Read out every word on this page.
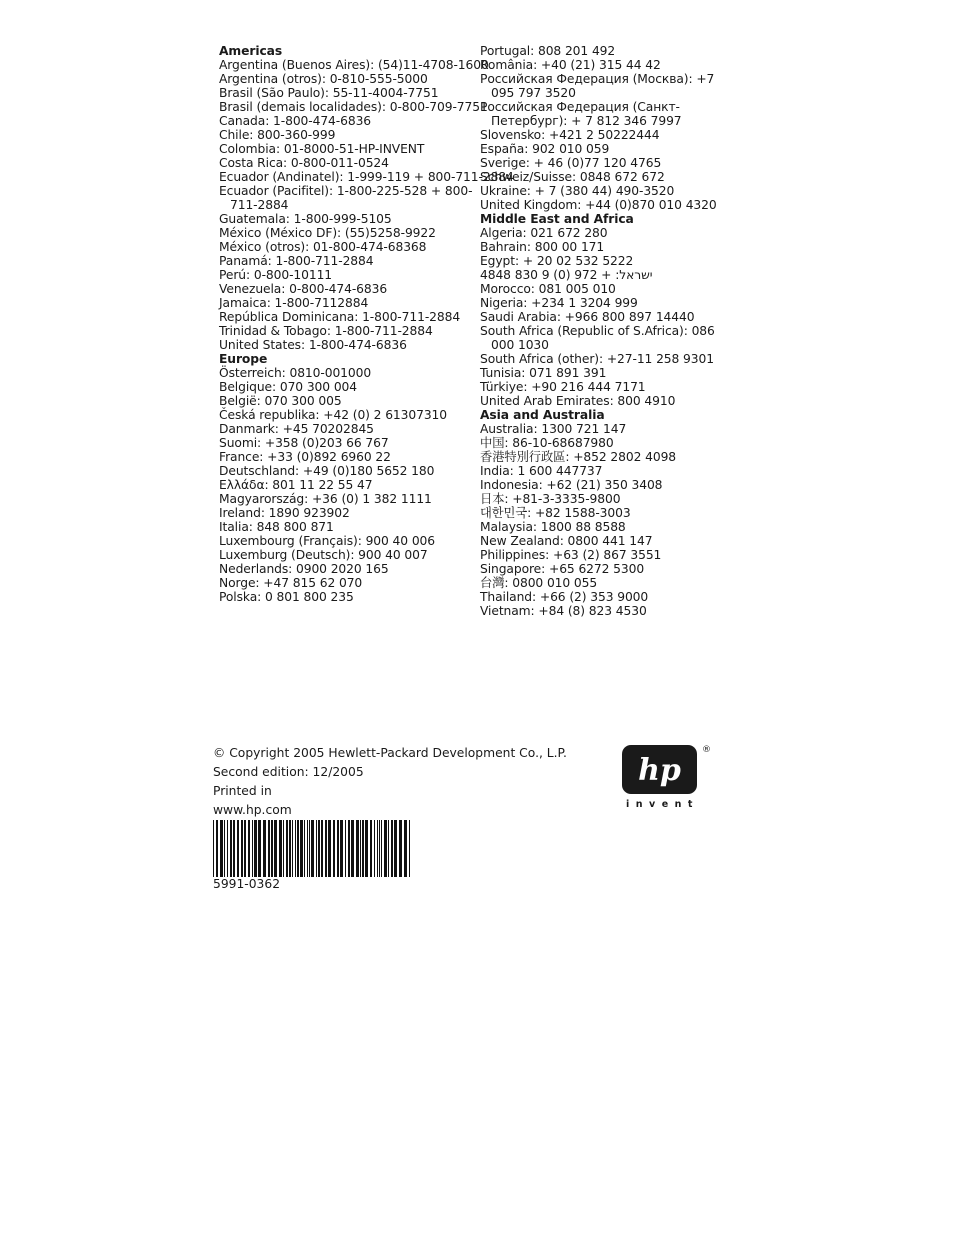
Americas
Argentina (Buenos Aires): (54)11-4708-1600
Argentina (otros): 0-810-555-5000
Brasil (São Paulo): 55-11-4004-7751
Brasil (demais localidades): 0-800-709-7751
Canada: 1-800-474-6836
Chile: 800-360-999
Colombia: 01-8000-51-HP-INVENT
Costa Rica: 0-800-011-0524
Ecuador (Andinatel): 1-999-119 + 800-711-2884
Ecuador (Pacifitel): 1-800-225-528 + 800-711-2884
Guatemala: 1-800-999-5105
México (México DF): (55)5258-9922
México (otros): 01-800-474-68368
Panamá: 1-800-711-2884
Perú: 0-800-10111
Venezuela: 0-800-474-6836
Jamaica: 1-800-7112884
República Dominicana: 1-800-711-2884
Trinidad & Tobago: 1-800-711-2884
United States: 1-800-474-6836
Europe
Österreich: 0810-001000
Belgique: 070 300 004
België: 070 300 005
Česká republika: +42 (0) 2 61307310
Danmark: +45 70202845
Suomi: +358 (0)203 66 767
France: +33 (0)892 6960 22
Deutschland: +49 (0)180 5652 180
Ελλάδα: 801 11 22 55 47
Magyarország: +36 (0) 1 382 1111
Ireland: 1890 923902
Italia: 848 800 871
Luxembourg (Français): 900 40 006
Luxemburg (Deutsch): 900 40 007
Nederlands: 0900 2020 165
Norge: +47 815 62 070
Polska: 0 801 800 235
Portugal: 808 201 492
România: +40 (21) 315 44 42
Российская Федерация (Москва): +7 095 797 3520
Российская Федерация (Санкт-Петербург): + 7 812 346 7997
Slovensko: +421 2 50222444
España: 902 010 059
Sverige: + 46 (0)77 120 4765
Schweiz/Suisse: 0848 672 672
Ukraine: + 7 (380 44) 490-3520
United Kingdom: +44 (0)870 010 4320
Middle East and Africa
Algeria: 021 672 280
Bahrain: 800 00 171
Egypt: + 20 02 532 5222
ישראל: + 972 (0) 9 830 4848
Morocco: 081 005 010
Nigeria: +234 1 3204 999
Saudi Arabia: +966 800 897 14440
South Africa (Republic of S.Africa): 086 000 1030
South Africa (other): +27-11 258 9301
Tunisia: 071 891 391
Türkiye: +90 216 444 7171
United Arab Emirates: 800 4910
Asia and Australia
Australia: 1300 721 147
中国: 86-10-68687980
香港特別行政區: +852 2802 4098
India: 1 600 447737
Indonesia: +62 (21) 350 3408
日本: +81-3-3335-9800
대한민국: +82 1588-3003
Malaysia: 1800 88 8588
New Zealand: 0800 441 147
Philippines: +63 (2) 867 3551
Singapore: +65 6272 5300
台灣: 0800 010 055
Thailand: +66 (2) 353 9000
Vietnam: +84 (8) 823 4530
© Copyright 2005 Hewlett-Packard Development Co., L.P.
Second edition: 12/2005
Printed in
www.hp.com
5991-0362
hp
®
invent
